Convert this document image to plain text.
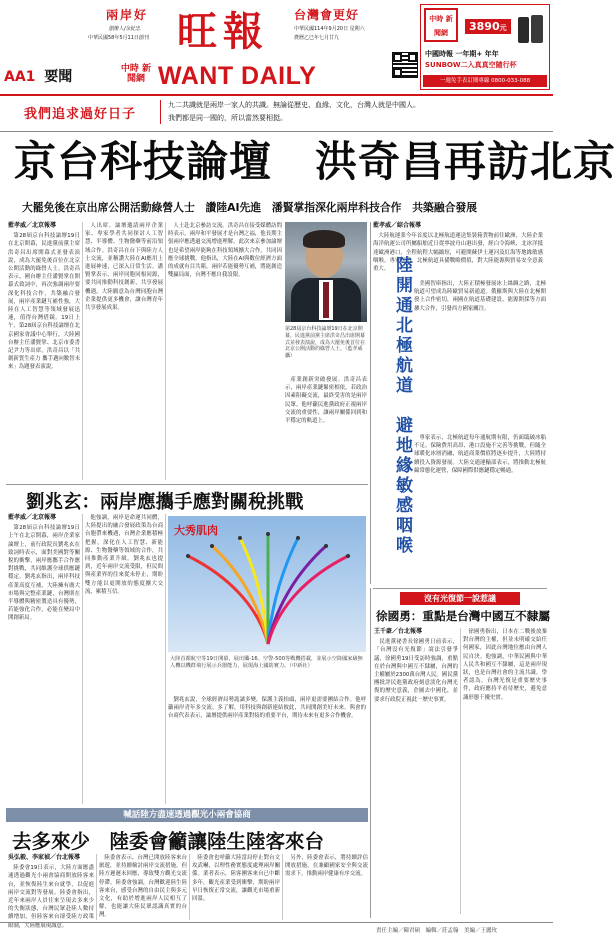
兩岸好
創辦人/余紀忠
中華民國58年5月11日創刊 旺報 台灣會更好
中華民國114年9月20日 星期六
農曆乙巳年七月廿九
中時 新聞網	3890元
中國時報 一年期+ 年年
SUNBOW二入真真空隨行杯
一週免手表訂閱專線 0800-033-088
AA1 要聞	中時 新聞網 WANT DAILY
我們追求過好日子
九二共識就是兩岸一家人的共識。無論從歷史、血緣、文化，台灣人就是中國人。
我們都是同一國的，所以當然要相挺。
京台科技論壇　洪奇昌再訪北京
大罷免後在京出席公開活動綠營人士　讚陸AI先進　潘賢掌指深化兩岸科技合作　共築融合發展
藍孝威／北京報導

第28屆京台科技論壇19日在北京開幕，民進黨前黨主席洪奇昌出席開幕式並發表演說，成為大罷免後首位在北京公開活動的綠營人士。洪奇昌表示，國台辦主任潘賢掌在開幕式致詞中，再次強調兩岸要深化科技合作，共築融合發展，兩岸產業鏈互補性強，大陸在人工智慧等領域發展迅速，值得台灣借鏡。19日上午，第28屆京台科技論壇在北京國家會議中心舉行，大陸國台辦主任潘賢掌、北京市委書記尹力等出席，洪奇昌以「共創新質生產力 攜手邁向數智未來」為題發表演說。

人出席。論壇邀請兩岸企業家、專家學者共同探討人工智慧、半導體、生物醫藥等前沿領域合作。洪奇昌在台下與陸方人士交流，並稱讚大陸在AI應用上進展神速，已深入日常生活。潘賢掌表示，兩岸同胞同根同源，要共同推動科技創新，共享發展機遇，大陸願意為台灣同胞台灣企業提供更多機會，讓台灣青年共享發展成果。

人士赴北京參訪交流。洪奇昌在接受媒體訪問時表示，兩岸和平發展才是台灣之福，他長期主張兩岸應透過交流增進理解，此次來京參加論壇也是希望兩岸能夠在科技領域擴大合作，共同因應全球挑戰。他指出，大陸在AI與數位經濟方面的成就有目共睹，兩岸若能優勢互補，將能創造雙贏局面，台灣不應自我設限。

第28屆京台科技論壇19日在北京開幕，民進黨前黨主席洪奇昌出席開幕式並發表演說，成為大罷免後首位在北京公開活動的綠營人士。（藍孝威攝）

產業創新突破發展。洪奇昌表示，兩岸產業鏈緊密相依，若政治因素阻礙交流，最終受害的是兩岸民眾。他呼籲民進黨政府正視兩岸交流的重要性，讓兩岸關係回到和平穩定的軌道上。

藍孝威／綜合報導

大陸航運業今年首度以北極航道運送集裝箱貨物前往歐洲，大陸企業海洋航運公司所屬船舶近日從寧波舟山港出發，經白令海峽、北冰洋抵達歐洲港口，全程航程大幅縮短，可避開蘇伊士運河及紅海等地緣敏感咽喉。專家指出，北極航道具備戰略價值，對大陸能源與貿易安全意義重大。 陸開通北極航道　避地緣敏感咽喉	美國智庫指出，大陸正積極發展冰上絲綢之路，北極航道可望成為陸歐貿易新通道。俄羅斯與大陸在北極開發上合作密切，兩國在航道基礎建設、能源開採等方面擴大合作，引發西方國家關注。

專家表示，北極航道每年通航期有限，仍面臨破冰船不足、保險費用高昂、港口設施不完善等挑戰，但隨全球暖化冰層消融，航道商業價值將逐步提升，大陸將持續投入資源發展。大陸交通運輸部表示，將推動北極航線常態化運營，保障國際供應鏈穩定暢通。

劉兆玄：兩岸應攜手應對關稅挑戰
藍孝威／北京報導

第28屆京台科技論壇19日上午在北京開幕，兩岸企業家論壇上，前行政院長劉兆玄在致詞時表示，面對美國對等關稅的衝擊，兩岸應攜手合作應對挑戰，共同維護全球供應鏈穩定。劉兆玄指出，兩岸科技產業高度互補，大陸擁有廣大市場與完整產業鏈，台灣則在半導體與精密製造具有優勢，若能強化合作，必能在變局中開創新局。

他強調，兩岸是命運共同體，大陸提出的融合發展政策為台商台胞帶來機遇，台灣企業應積極把握，深化在人工智慧、新能源、生物醫藥等領域的合作，共同推動產業升級。劉兆玄也提到，近年兩岸交流受限，但民間與產業界的往來從未停止，期盼雙方能以更開放的態度擴大交流，累積互信。

劉兆玄說，全球經濟局勢詭譎多變，保護主義抬頭，兩岸更需要團結合作。他呼籲兩岸青年多交流、多了解，用科技與創新連結彼此，共同開創美好未來。與會的台商代表表示，論壇提供兩岸產業對接的重要平台，期待未來有更多合作機會。

大秀肌肉
大陸首都航空等19日開幕，展出殲-16、空警-500等戰機搭載，並展示空降國家級無人機以機群飛行展示兵器能力，展現海上國防實力。（中新社）
沒有光復節一說惹議
徐國勇：重點是台灣中國互不隸屬
王千豪／台北報導

民進黨祕書長徐國勇日前表示，「台灣沒有光復節」說法引發爭議，徐國勇19日受訪時強調，重點在於台灣與中國互不隸屬，台灣的主權屬於2300萬台灣人民。國民黨團批評民進黨政府刻意淡化台灣光復的歷史意義，企圖去中國化，並要求行政院正視此一歷史事實。

徐國勇指出，日本在二戰後放棄對台灣的主權，但並未明確交給任何國家，因此台灣地位應由台灣人民自決。他強調，中華民國與中華人民共和國互不隸屬，這是兩岸現狀，也是台灣社會的主流共識。學者認為，台灣光復是重要歷史事件，政府應持平看待歷史，避免意識形態干擾史實。

喊話陸方盡速透過觀光小兩會協商
去多來少　陸委會籲讓陸生陸客來台
吳弘毅、李家禎／台北報導

陸委會19日表示，大陸方面應盡速透過觀光小兩會協商開放陸客來台，並恢復陸生來台就學，以促進兩岸交流對等發展。陸委會指出，近年來兩岸人員往來呈現去多來少的失衡狀態，台灣民眾赴陸人數持續增加，但陸客來台卻受陸方政策限制，大陸應展現誠意。

陸委會表示，台灣已開放陸客來台旅遊，並持續檢討兩岸交流措施，但陸方遲遲未回應，導致雙方觀光交流停滯。陸委會強調，台灣歡迎陸生陸客來台，感受台灣的自由民主與多元文化，有助於增進兩岸人民相互了解，也能讓大陸民眾認識真實的台灣。

陸委會也呼籲大陸當局停止對台文攻武嚇，以理性務實態度處理兩岸關係。業者表示，陸客團客來台已中斷多年，觀光產業受到衝擊，期盼兩岸早日恢復正常交流，讓觀光市場重新回溫。

另外，陸委會表示，將持續評估開放措施，在兼顧國家安全與交流需求下，推動兩岸健康有序交流。

責任主編／陳君碩　編輯／莊孟翰　美編／王麗玫
